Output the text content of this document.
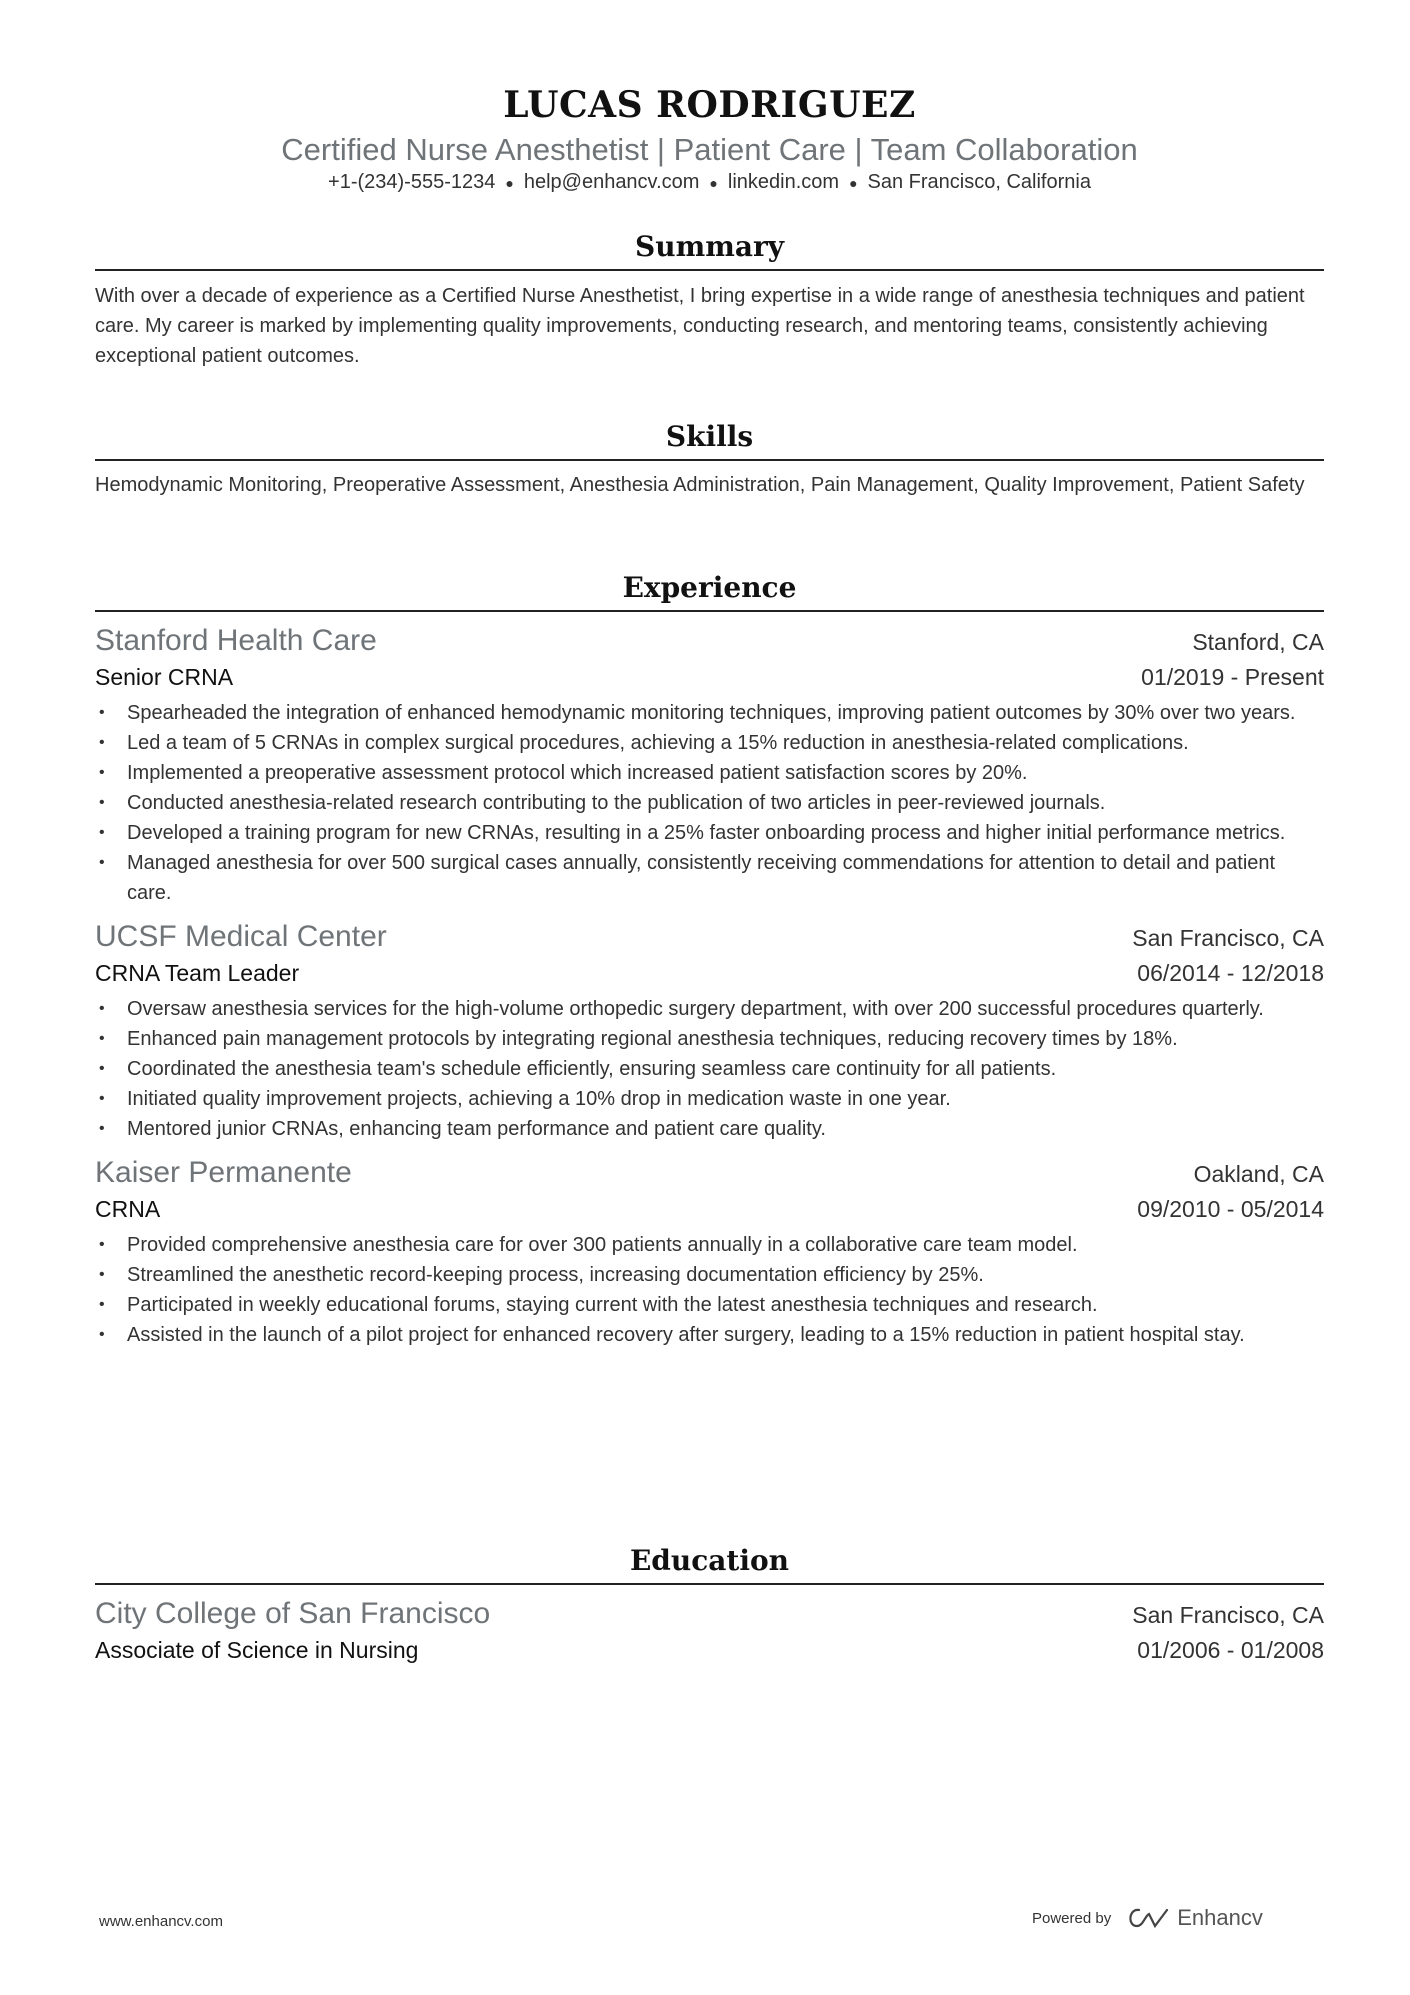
LUCAS RODRIGUEZ
Certified Nurse Anesthetist | Patient Care | Team Collaboration
+1-(234)-555-1234 ● help@enhancv.com ● linkedin.com ● San Francisco, California
Summary
With over a decade of experience as a Certified Nurse Anesthetist, I bring expertise in a wide range of anesthesia techniques and patient care. My career is marked by implementing quality improvements, conducting research, and mentoring teams, consistently achieving exceptional patient outcomes.
Skills
Hemodynamic Monitoring, Preoperative Assessment, Anesthesia Administration, Pain Management, Quality Improvement, Patient Safety
Experience
Stanford Health Care	Stanford, CA
Senior CRNA	01/2019 - Present
• Spearheaded the integration of enhanced hemodynamic monitoring techniques, improving patient outcomes by 30% over two years.
• Led a team of 5 CRNAs in complex surgical procedures, achieving a 15% reduction in anesthesia-related complications.
• Implemented a preoperative assessment protocol which increased patient satisfaction scores by 20%.
• Conducted anesthesia-related research contributing to the publication of two articles in peer-reviewed journals.
• Developed a training program for new CRNAs, resulting in a 25% faster onboarding process and higher initial performance metrics.
• Managed anesthesia for over 500 surgical cases annually, consistently receiving commendations for attention to detail and patient care.
UCSF Medical Center	San Francisco, CA
CRNA Team Leader	06/2014 - 12/2018
• Oversaw anesthesia services for the high-volume orthopedic surgery department, with over 200 successful procedures quarterly.
• Enhanced pain management protocols by integrating regional anesthesia techniques, reducing recovery times by 18%.
• Coordinated the anesthesia team's schedule efficiently, ensuring seamless care continuity for all patients.
• Initiated quality improvement projects, achieving a 10% drop in medication waste in one year.
• Mentored junior CRNAs, enhancing team performance and patient care quality.
Kaiser Permanente	Oakland, CA
CRNA	09/2010 - 05/2014
• Provided comprehensive anesthesia care for over 300 patients annually in a collaborative care team model.
• Streamlined the anesthetic record-keeping process, increasing documentation efficiency by 25%.
• Participated in weekly educational forums, staying current with the latest anesthesia techniques and research.
• Assisted in the launch of a pilot project for enhanced recovery after surgery, leading to a 15% reduction in patient hospital stay.
Education
City College of San Francisco	San Francisco, CA
Associate of Science in Nursing	01/2006 - 01/2008
www.enhancv.com	Powered by	Enhancv
